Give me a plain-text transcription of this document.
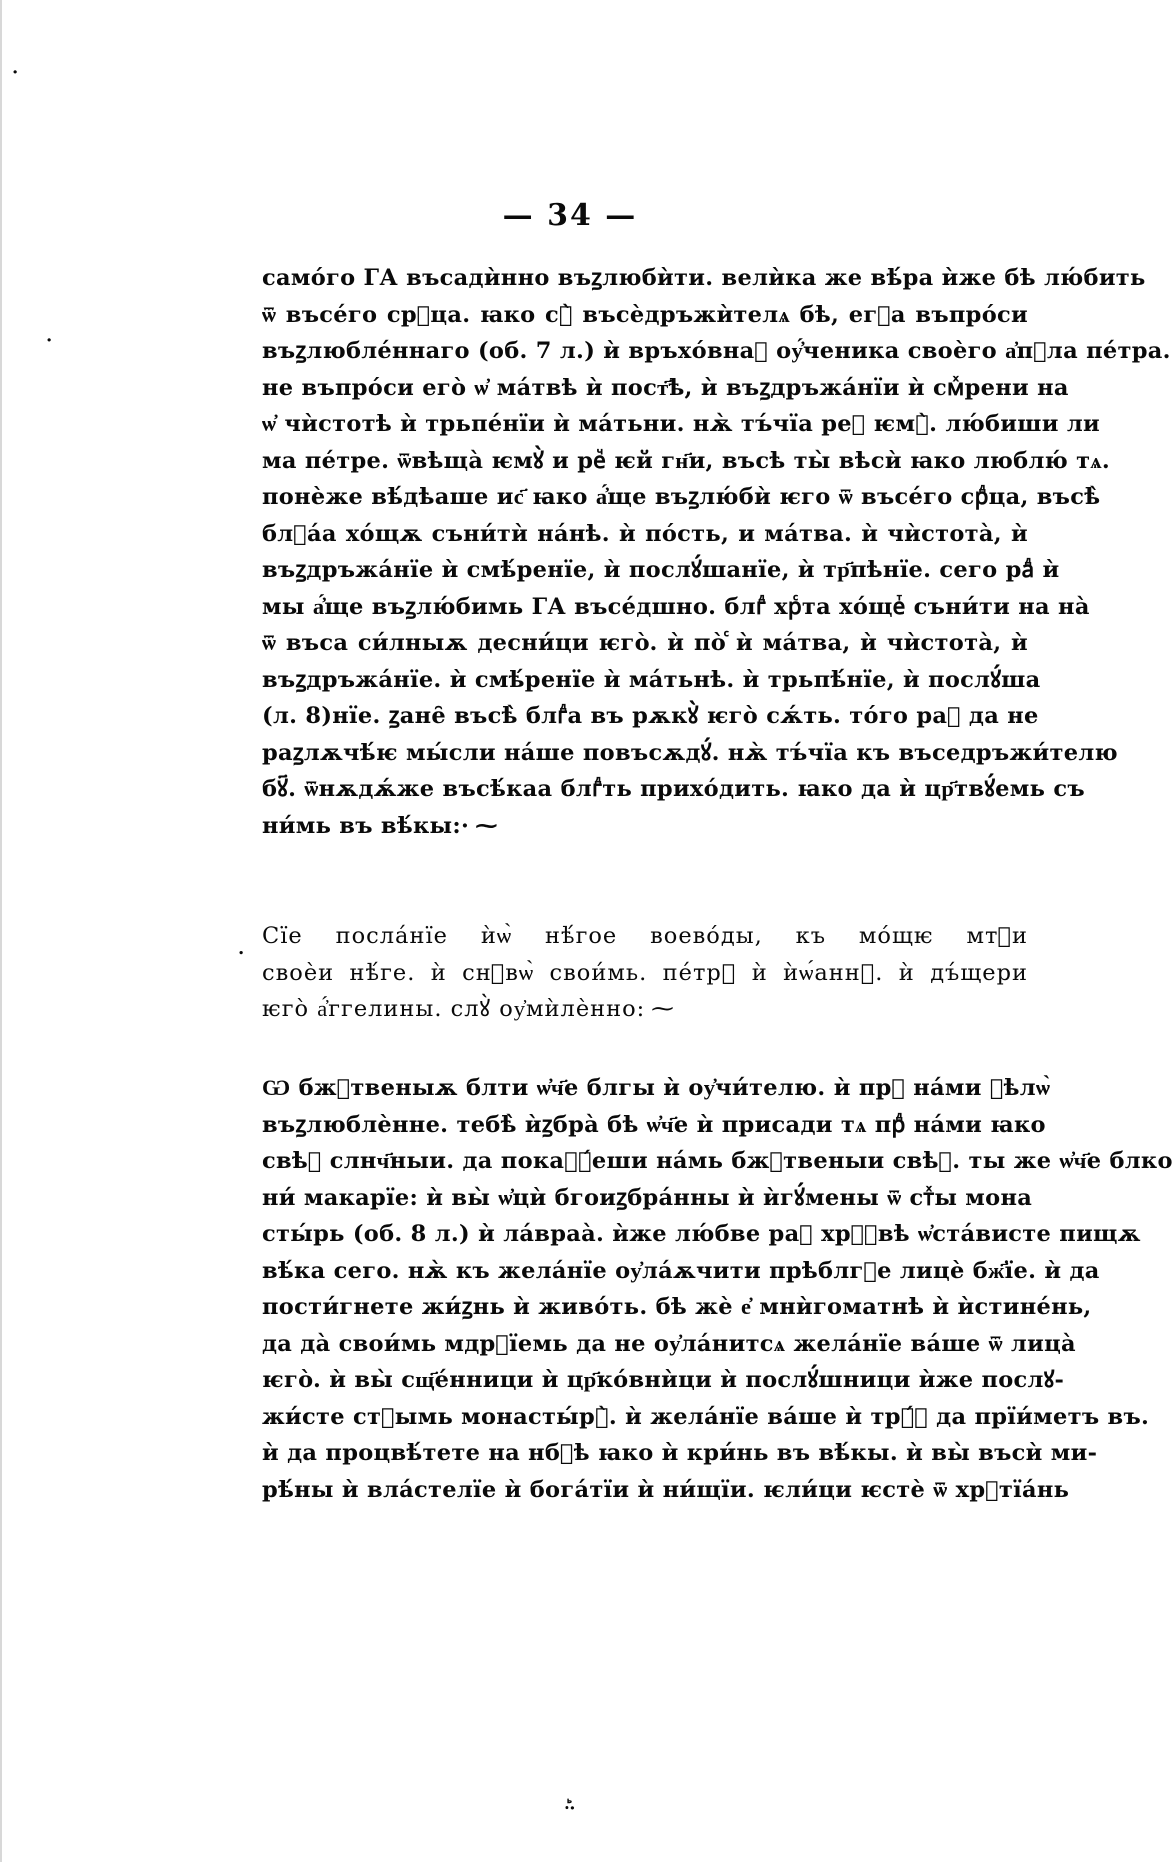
·
·
— 34 —
самóго ГА въсадѝнно въꙁлюбѝти. велѝка же вѣ́ра ѝже бѣ лю́бить
ѿ въсе́го срⷣца. ꙗко сꙋ̀ въсѐдръжѝтелѧ бѣ, егⷣа въпрóси
въꙁлюбле́ннаго (об. 7 л.) ѝ връхóвнаⷢ оу҆́ченика своѐго а҆пⷭла пе́тра.
не въпрóси егò ѡ҆ ма́твѣ ѝ пост҃ѣ, ѝ въꙁдръжа́нїи ѝ смⷯрени на
ѡ҆ чѝстотѣ ѝ трьпе́нїи ѝ ма́тьни. нѫ̀ тъ́чїа реⷱ ѥмꙋ̀. лю́биши ли
ма пе́тре. ѿвѣща̀ ѥмꙋ̀ и реⷱ ѥй гн҃и, въсѣ ты̀ вѣсѝ ꙗко люблю́ тѧ.
понѐже вѣ́дѣаше ис҃ ꙗко а҆́ще въꙁлю́бѝ ѥго ѿ въсе́го срⷣца, въсѣ̀
блⷢа́а хо́щѫ съни́тѝ на́нѣ. ѝ пóсть, и ма́тва. ѝ чѝстота̀, ѝ
въꙁдръжа́нїе ѝ смѣ́ренїе, ѝ послꙋ́шанїе, ѝ тр҃пѣнїе. сего раⷣ ѝ
мы а҆́ще въꙁлю́бимь ГА въсе́дшно. блгⷣ хрⷭта хо́щеⷮ съни́ти на на̀
ѿ въса си́лныѫ десни́ци ѥгò. ѝ пòⷭ ѝ ма́тва, ѝ чѝстота̀, ѝ
въꙁдръжа́нїе. ѝ смѣ́ренїе ѝ ма́тьнѣ. ѝ трьпѣ́нїе, ѝ послꙋ́ша
(л. 8)нїе. ꙁане̑ въсѣ̀ блгⷣа въ рѫкꙋ̀ ѥгò сѫ́ть. тóго раⷣ да не
раꙁлѫчѣ́ѥ мы́сли на́ше повъсѫдꙋ́. нѫ̀ тъ́чїа къ въседръжи́телю
бꙋ҃. ѿнѫдѫ́же въсѣ́каа блгⷣть прихо́дить. ꙗко да ѝ цр҃твꙋ́емь съ
ни́мь въ вѣ́кы:· ⁓
. Сїе посла́нїе ѝѡ̀ нѣ́гое воевóды, къ мóщѥ мтⷬи
своѐи нѣ́ге. ѝ снⷪвѡ̀ свои́мь. пе́трꙋ ѝ ѝѡ́аннꙋ. ѝ дъ́щери
ѥгò а҆́ггелины. слꙋ̀ оу҆мѝлѐнно: ⁓
Ѡ бжⷭтвеныѫ блти ѡ҆ч҃е блгы ѝ оу҆чи́телю. ѝ прⷣ на́ми ꙃѣлѡ̀
въꙁлюблѐнне. тебѣ̀ ѝꙁбра̀ бѣ ѡ҆ч҃е ѝ присади тѧ прⷣ на́ми ꙗко
свѣⷮ слнч҃ныи. да покаꙁꙋ́еши на́мь бжⷭтвеныи свѣⷮ. ты же ѡ҆ч҃е блко
ни́ макарїе: ѝ вы̀ ѡ҆цѝ бгоиꙁбра́нны ѝ ѝгꙋ́мены ѿ стⷯы мона
сты́рь (об. 8 л.) ѝ ла́враа̀. ѝже лю́бве раⷣ хрⷭ҃вѣ ѡ҆ста́висте пищѫ
вѣ́ка сего. нѫ̀ къ жела́нїе оу҆ла́ѫчити прѣблгⷪе лицѐ бж҃їе. ѝ да
пости́гнете жи́ꙁнь ѝ живо́ть. бѣ жѐ е҆ мнѝгоматнѣ ѝ ѝстине́нь,
да да̀ свои́мь мдрⷣїемь да не оу҆ла́нитсѧ жела́нїе ва́ше ѿ лица̀
ѥгò. ѝ вы̀ сщ҃е́нници ѝ цр҃ко́внѝци ѝ послꙋ́шници ѝже послꙋ-
жи́сте стⷴымь монасты́рꙋ̀. ѝ жела́нїе ва́ше ѝ трꙋ́ⷣ да прїи́метъ въ.
ѝ да процвѣ́тете на нбⷭѣ ꙗко ѝ кри́нь въ вѣ́кы. ѝ вы̀ въсѝ ми-
рѣ́ны ѝ вла́стелїе ѝ бога́тїи ѝ ни́щїи. ѥли́ци ѥстѐ ѿ хрⷭтїа́нь
·ꙺ·
